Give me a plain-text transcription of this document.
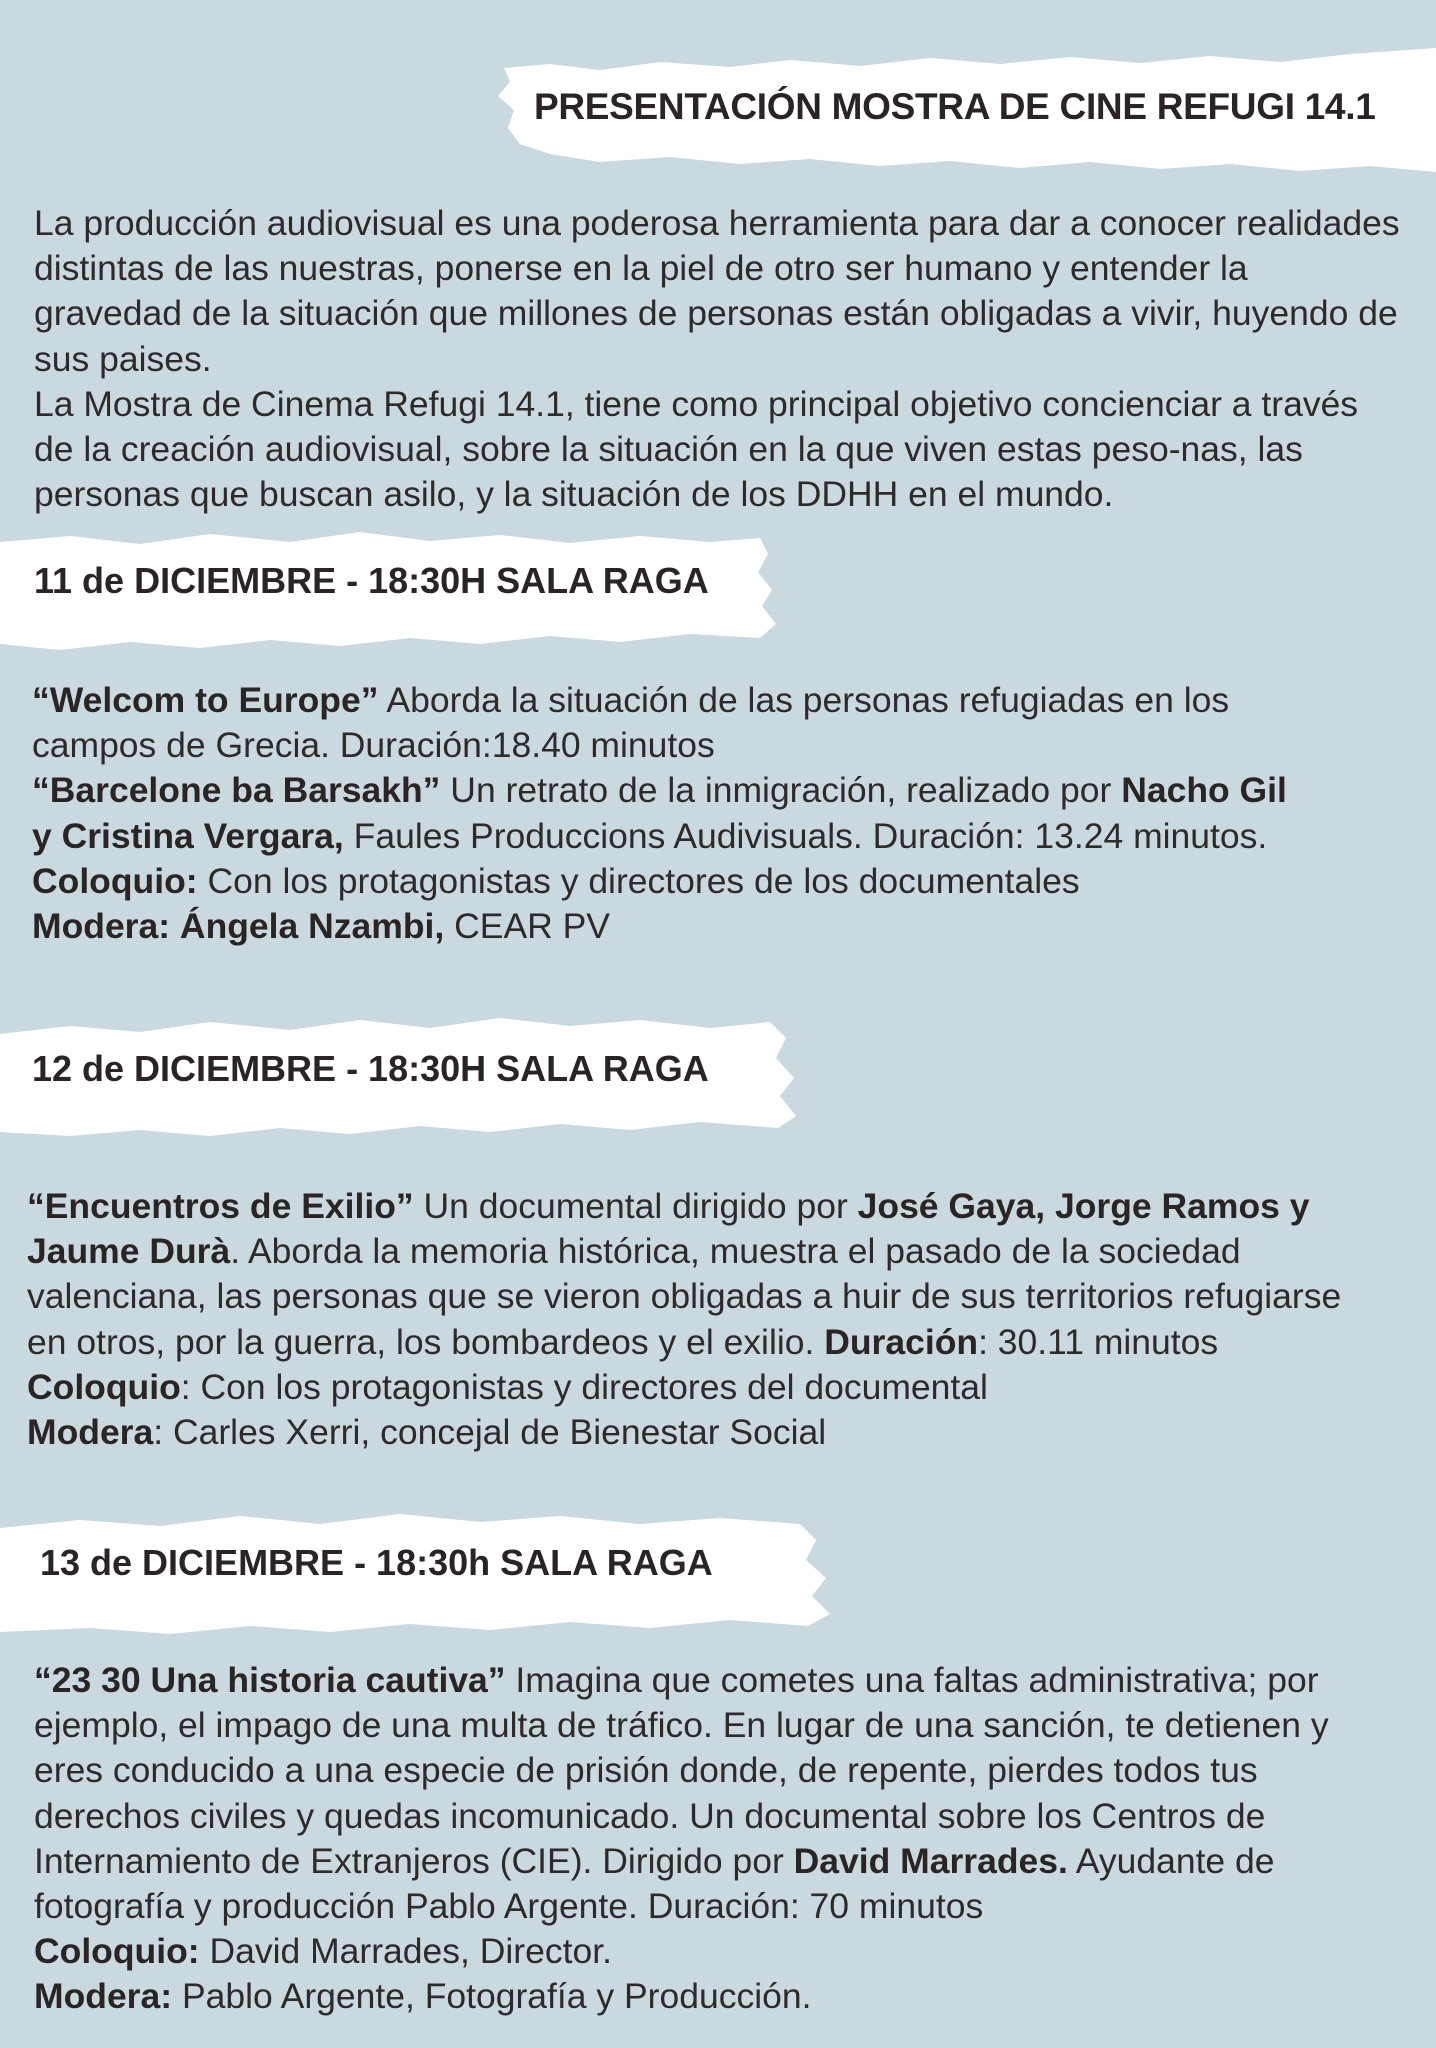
PRESENTACIÓN MOSTRA DE CINE REFUGI 14.1

La producción audiovisual es una poderosa herramienta para dar a conocer realidades distintas de las nuestras, ponerse en la piel de otro ser humano y entender la gravedad de la situación que millones de personas están obligadas a vivir, huyendo de sus paises.

La Mostra de Cinema Refugi 14.1, tiene como principal objetivo concienciar a través de la creación audiovisual, sobre la situación en la que viven estas peso-nas, las personas que buscan asilo, y la situación de los DDHH en el mundo.

11 de DICIEMBRE - 18:30H SALA RAGA

“Welcom to Europe” Aborda la situación de las personas refugiadas en los campos de Grecia. Duración:18.40 minutos

“Barcelone ba Barsakh” Un retrato de la inmigración, realizado por Nacho Gil y Cristina Vergara, Faules Produccions Audivisuals. Duración: 13.24 minutos.

Coloquio: Con los protagonistas y directores de los documentales

Modera: Ángela Nzambi, CEAR PV

12 de DICIEMBRE - 18:30H SALA RAGA

“Encuentros de Exilio” Un documental dirigido por José Gaya, Jorge Ramos y Jaume Durà. Aborda la memoria histórica, muestra el pasado de la sociedad valenciana, las personas que se vieron obligadas a huir de sus territorios refugiarse en otros, por la guerra, los bombardeos y el exilio. Duración: 30.11 minutos

Coloquio: Con los protagonistas y directores del documental

Modera: Carles Xerri, concejal de Bienestar Social

13 de DICIEMBRE - 18:30h SALA RAGA

“23 30 Una historia cautiva” Imagina que cometes una faltas administrativa; por ejemplo, el impago de una multa de tráfico. En lugar de una sanción, te detienen y eres conducido a una especie de prisión donde, de repente, pierdes todos tus derechos civiles y quedas incomunicado. Un documental sobre los Centros de Internamiento de Extranjeros (CIE). Dirigido por David Marrades. Ayudante de fotografía y producción Pablo Argente. Duración: 70 minutos

Coloquio: David Marrades, Director.

Modera: Pablo Argente, Fotografía y Producción.
